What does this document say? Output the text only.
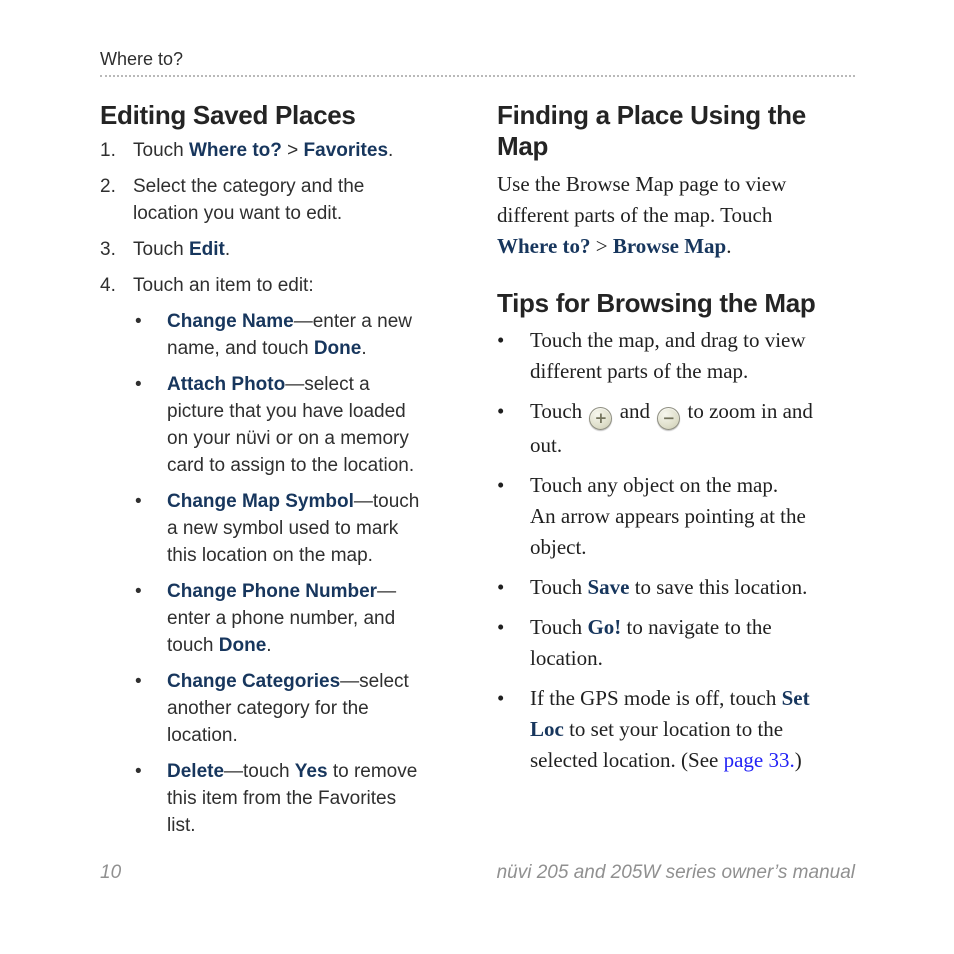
Where to?
Editing Saved Places
1. Touch Where to? > Favorites.
2. Select the category and the
location you want to edit.
3. Touch Edit.
4. Touch an item to edit:
•
Change Name—enter a new
name, and touch Done.
•
Attach Photo—select a
picture that you have loaded
on your nüvi or on a memory
card to assign to the location.
•
Change Map Symbol—touch
a new symbol used to mark
this location on the map.
•
Change Phone Number—
enter a phone number, and
touch Done.
•
Change Categories—select
another category for the
location.
•
Delete—touch Yes to remove
this item from the Favorites
list.
Finding a Place Using the Map

Use the Browse Map page to view
different parts of the map. Touch
Where to? > Browse Map.

Tips for Browsing the Map
•
Touch the map, and drag to view
different parts of the map.
•
Touch + and − to zoom in and
out.
•
Touch any object on the map.
An arrow appears pointing at the
object.
•
Touch Save to save this location.
•
Touch Go! to navigate to the
location.
•
If the GPS mode is off, touch Set
Loc to set your location to the
selected location. (See page 33.)
10	nüvi 205 and 205W series owner’s manual
